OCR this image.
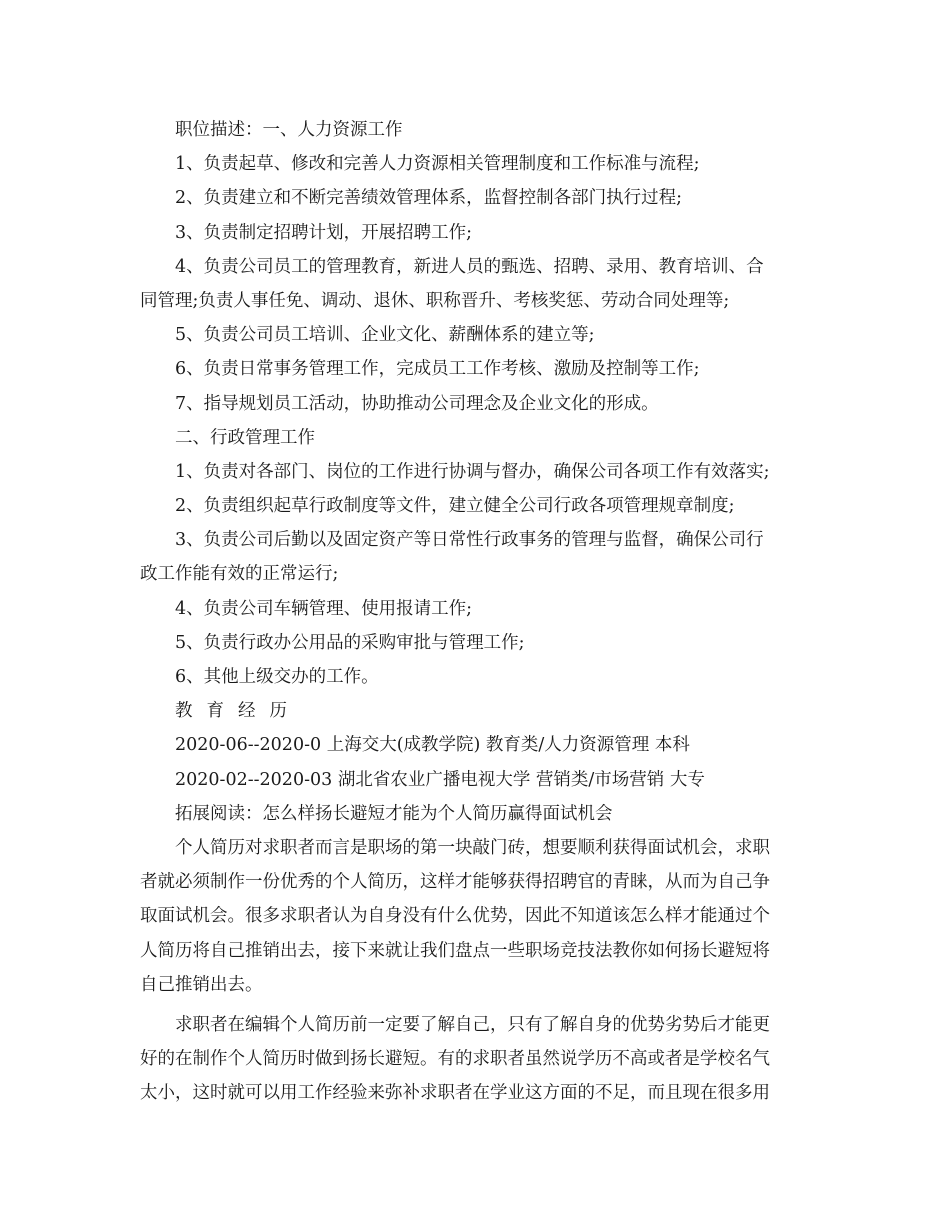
职位描述：一、人力资源工作
1、负责起草、修改和完善人力资源相关管理制度和工作标准与流程;
2、负责建立和不断完善绩效管理体系，监督控制各部门执行过程;
3、负责制定招聘计划，开展招聘工作;
4、负责公司员工的管理教育，新进人员的甄选、招聘、录用、教育培训、合
同管理;负责人事任免、调动、退休、职称晋升、考核奖惩、劳动合同处理等;
5、负责公司员工培训、企业文化、薪酬体系的建立等;
6、负责日常事务管理工作，完成员工工作考核、激励及控制等工作;
7、指导规划员工活动，协助推动公司理念及企业文化的形成。
二、行政管理工作
1、负责对各部门、岗位的工作进行协调与督办，确保公司各项工作有效落实;
2、负责组织起草行政制度等文件，建立健全公司行政各项管理规章制度;
3、负责公司后勤以及固定资产等日常性行政事务的管理与监督，确保公司行
政工作能有效的正常运行;
4、负责公司车辆管理、使用报请工作;
5、负责行政办公用品的采购审批与管理工作;
6、其他上级交办的工作。
教育经历
2020-06--2020-0 上海交大(成教学院) 教育类/人力资源管理 本科
2020-02--2020-03 湖北省农业广播电视大学 营销类/市场营销 大专
拓展阅读：怎么样扬长避短才能为个人简历赢得面试机会
个人简历对求职者而言是职场的第一块敲门砖，想要顺利获得面试机会，求职
者就必须制作一份优秀的个人简历，这样才能够获得招聘官的青睐，从而为自己争
取面试机会。很多求职者认为自身没有什么优势，因此不知道该怎么样才能通过个
人简历将自己推销出去，接下来就让我们盘点一些职场竞技法教你如何扬长避短将
自己推销出去。
求职者在编辑个人简历前一定要了解自己，只有了解自身的优势劣势后才能更
好的在制作个人简历时做到扬长避短。有的求职者虽然说学历不高或者是学校名气
太小，这时就可以用工作经验来弥补求职者在学业这方面的不足，而且现在很多用
